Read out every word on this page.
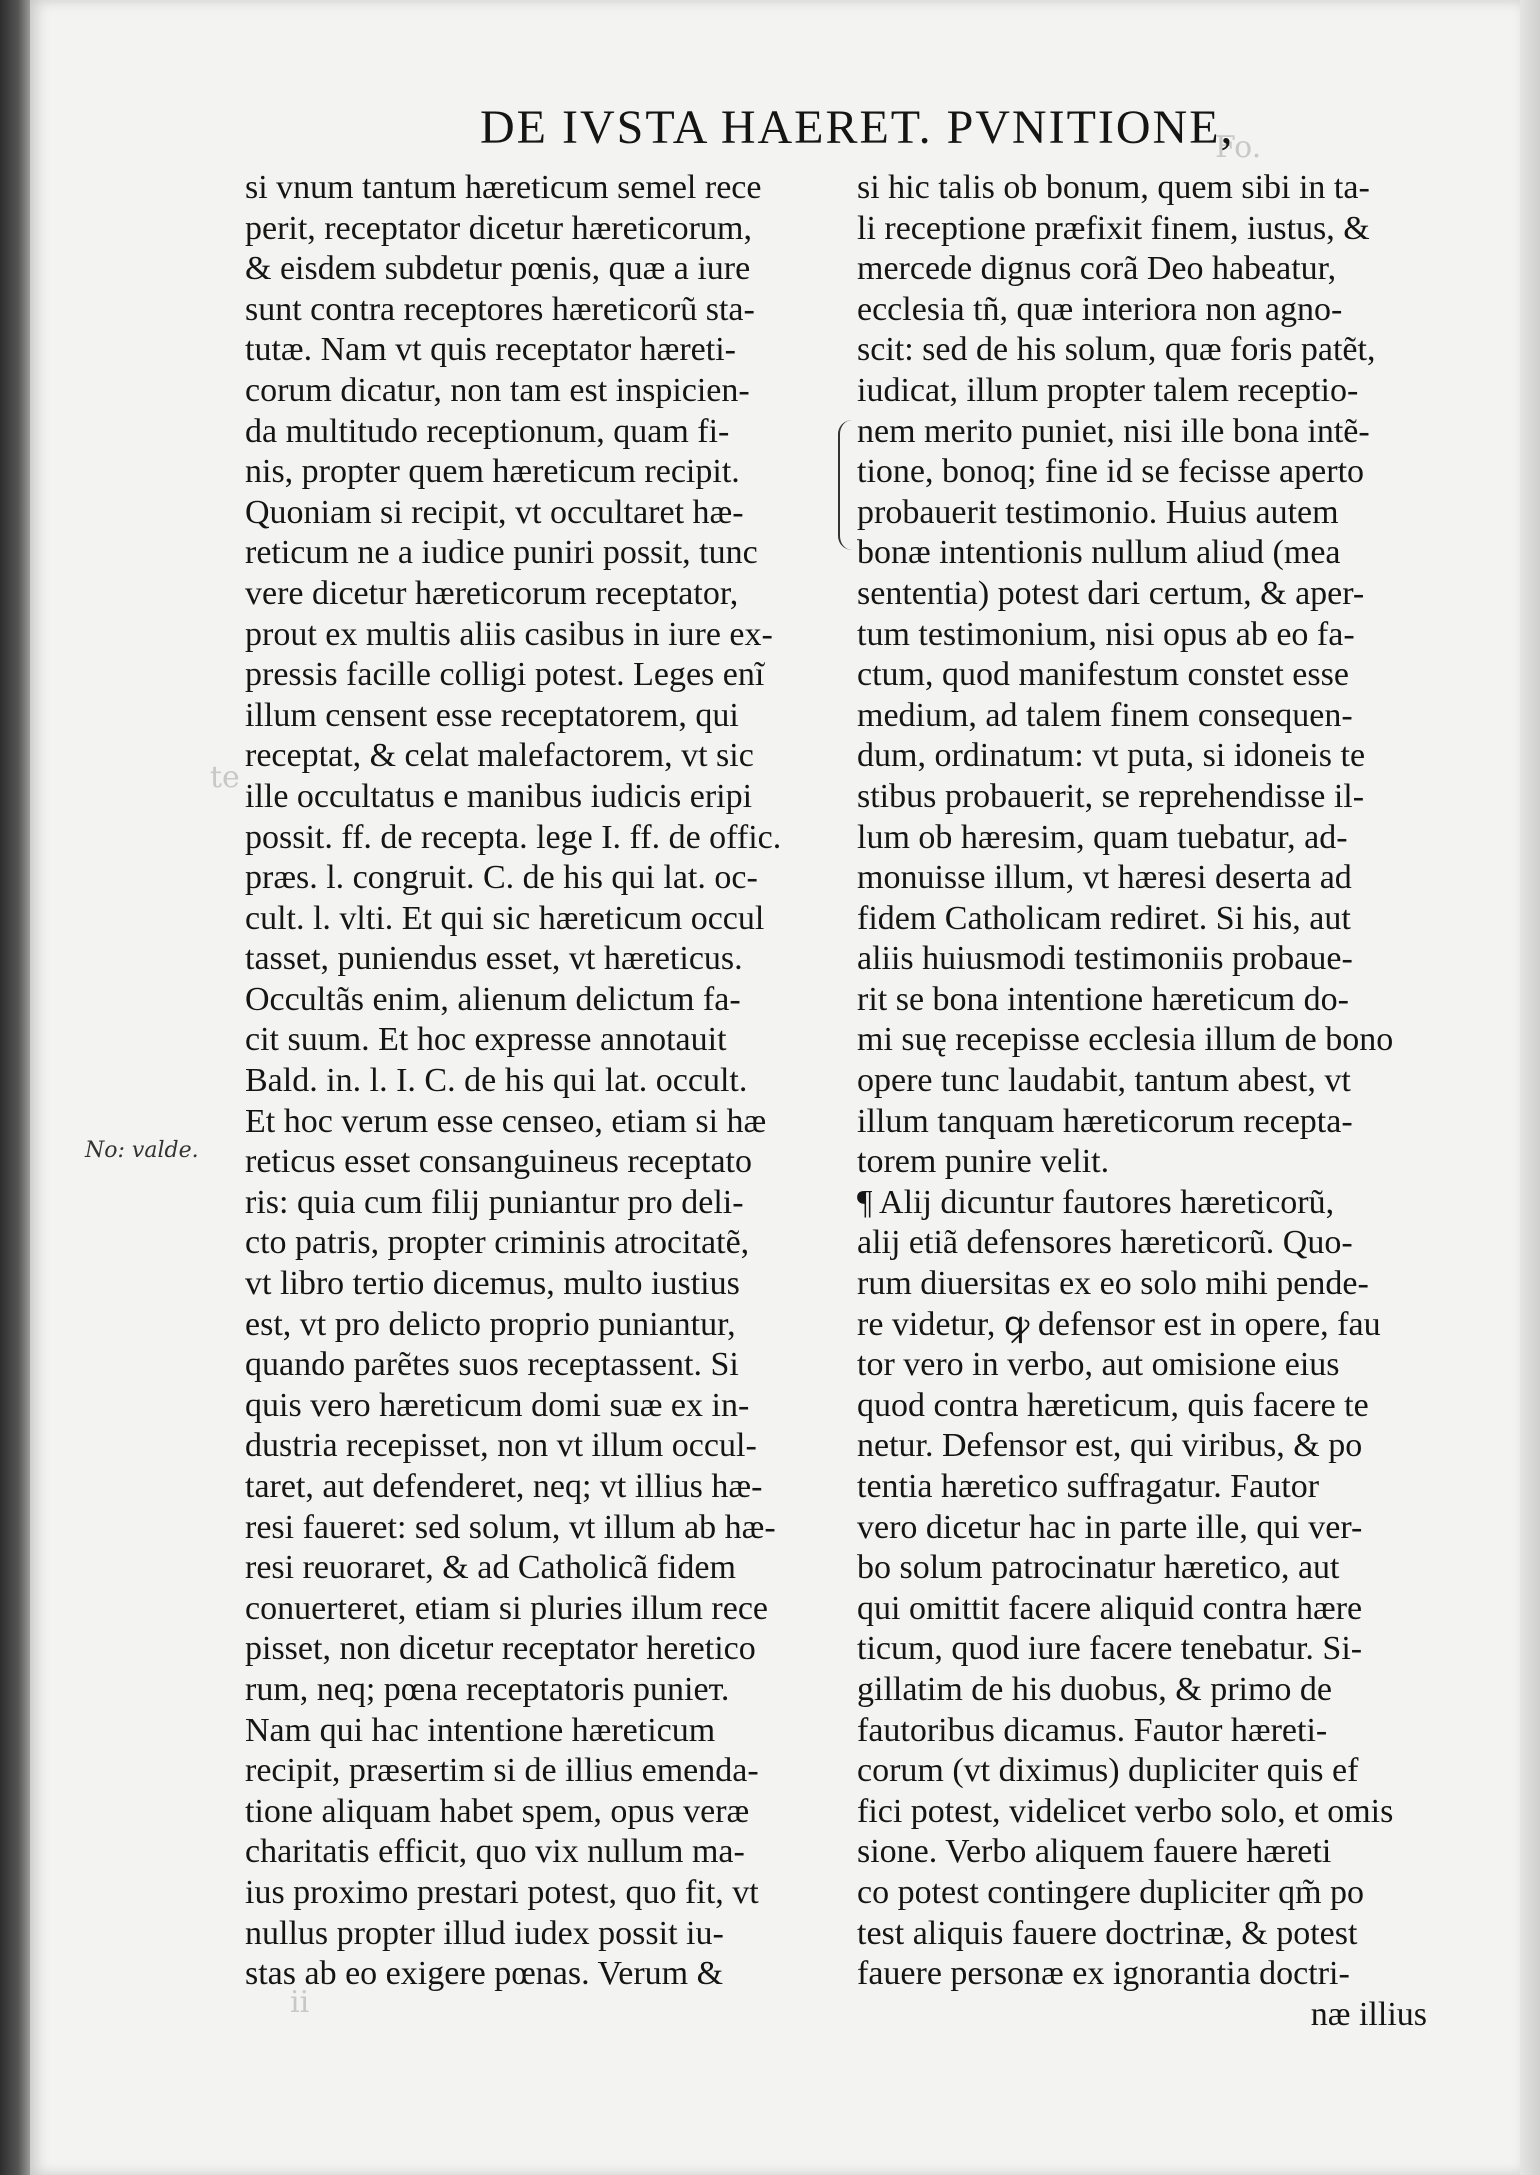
Fo.
te
ii
DE IVSTA HAERET. PVNITIONE,
No: valde.
si vnum tantum hæreticum semel rece
perit, receptator dicetur hæreticorum,
& eisdem subdetur pœnis, quæ a iure
sunt contra receptores hæreticorũ sta-
tutæ. Nam vt quis receptator hæreti-
corum dicatur, non tam est inspicien-
da multitudo receptionum, quam fi-
nis, propter quem hæreticum recipit.
Quoniam si recipit, vt occultaret hæ-
reticum ne a iudice puniri possit, tunc
vere dicetur hæreticorum receptator,
prout ex multis aliis casibus in iure ex-
pressis facille colligi potest. Leges enĩ
illum censent esse receptatorem, qui
receptat, & celat malefactorem, vt sic
ille occultatus e manibus iudicis eripi
possit. ff. de recepta. lege I. ff. de offic.
præs. l. congruit. C. de his qui lat. oc-
cult. l. vlti. Et qui sic hæreticum occul
tasset, puniendus esset, vt hæreticus.
Occultãs enim, alienum delictum fa-
cit suum. Et hoc expresse annotauit
Bald. in. l. I. C. de his qui lat. occult.
Et hoc verum esse censeo, etiam si hæ
reticus esset consanguineus receptato
ris: quia cum filij puniantur pro deli-
cto patris, propter criminis atrocitatẽ,
vt libro tertio dicemus, multo iustius
est, vt pro delicto proprio puniantur,
quando parẽtes suos receptassent. Si
quis vero hæreticum domi suæ ex in-
dustria recepisset, non vt illum occul-
taret, aut defenderet, neq; vt illius hæ-
resi faueret: sed solum, vt illum ab hæ-
resi reuoraret, & ad Catholicã fidem
conuerteret, etiam si pluries illum rece
pisset, non dicetur receptator heretico
rum, neq; pœna receptatoris punieт.
Nam qui hac intentione hæreticum
recipit, præsertim si de illius emenda-
tione aliquam habet spem, opus veræ
charitatis efficit, quo vix nullum ma-
ius proximo prestari potest, quo fit, vt
nullus propter illud iudex possit iu-
stas ab eo exigere pœnas. Verum &
si hic talis ob bonum, quem sibi in ta-
li receptione præfixit finem, iustus, &
mercede dignus corã Deo habeatur,
ecclesia tñ, quæ interiora non agno-
scit: sed de his solum, quæ foris patẽt,
iudicat, illum propter talem receptio-
nem merito puniet, nisi ille bona intẽ-
tione, bonoq; fine id se fecisse aperto
probauerit testimonio. Huius autem
bonæ intentionis nullum aliud (mea
sententia) potest dari certum, & aper-
tum testimonium, nisi opus ab eo fa-
ctum, quod manifestum constet esse
medium, ad talem finem consequen-
dum, ordinatum: vt puta, si idoneis te
stibus probauerit, se reprehendisse il-
lum ob hæresim, quam tuebatur, ad-
monuisse illum, vt hæresi deserta ad
fidem Catholicam rediret. Si his, aut
aliis huiusmodi testimoniis probaue-
rit se bona intentione hæreticum do-
mi suę recepisse ecclesia illum de bono
opere tunc laudabit, tantum abest, vt
illum tanquam hæreticorum recepta-
torem punire velit.
¶ Alij dicuntur fautores hæreticorũ,
alij etiã defensores hæreticorũ. Quo-
rum diuersitas ex eo solo mihi pende-
re videtur, ꝙ defensor est in opere, fau
tor vero in verbo, aut omisione eius
quod contra hæreticum, quis facere te
netur. Defensor est, qui viribus, & po
tentia hæretico suffragatur. Fautor
vero dicetur hac in parte ille, qui ver-
bo solum patrocinatur hæretico, aut
qui omittit facere aliquid contra hære
ticum, quod iure facere tenebatur. Si-
gillatim de his duobus, & primo de
fautoribus dicamus. Fautor hæreti-
corum (vt diximus) dupliciter quis ef
fici potest, videlicet verbo solo, et omis
sione. Verbo aliquem fauere hæreti
co potest contingere dupliciter qm̃ po
test aliquis fauere doctrinæ, & potest
fauere personæ ex ignorantia doctri-
næ illius
